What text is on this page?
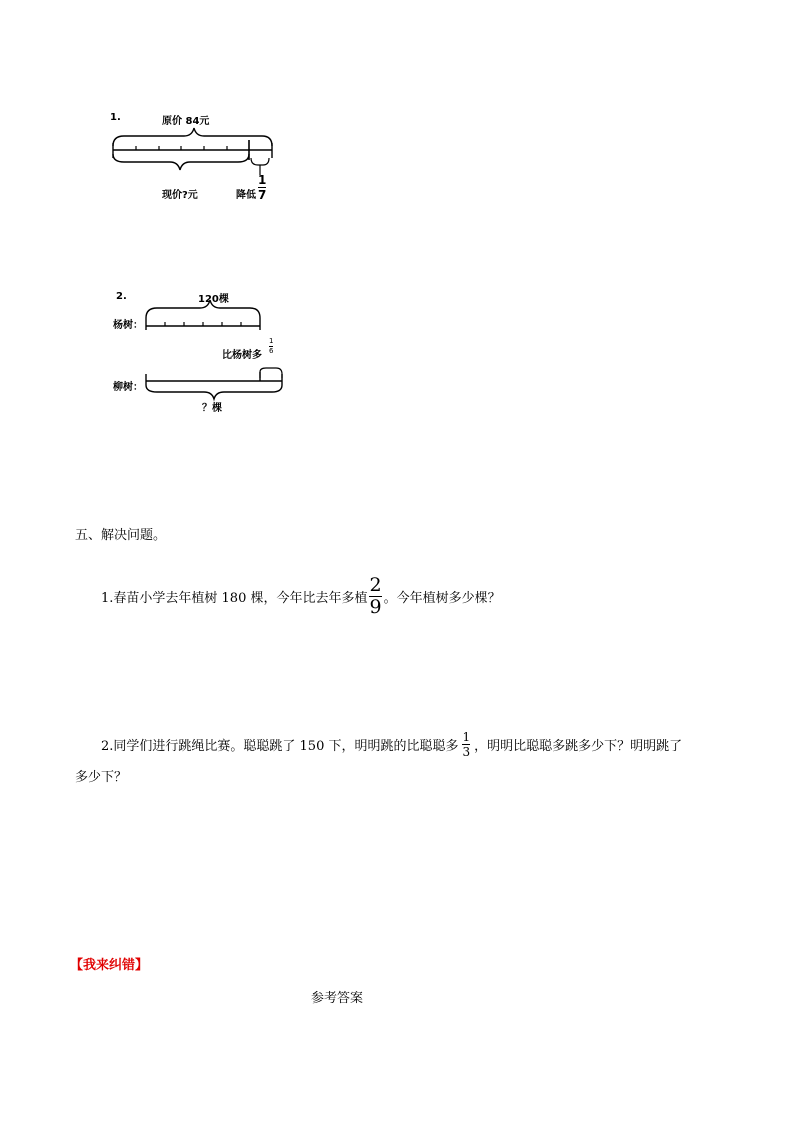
1.	原价 84元
现价?元	降低
1
7
2.	120棵
杨树：
柳树：
比杨树多
1
6
？棵
五、解决问题。
1.春苗小学去年植树 180 棵，今年比去年多植 $\frac{2}{9}$ 。今年植树多少棵？
2.同学们进行跳绳比赛。聪聪跳了 150 下，明明跳的比聪聪多 $\frac{1}{3}$ ，明明比聪聪多跳多少下？明明跳了
多少下？
【我来纠错】
参考答案
